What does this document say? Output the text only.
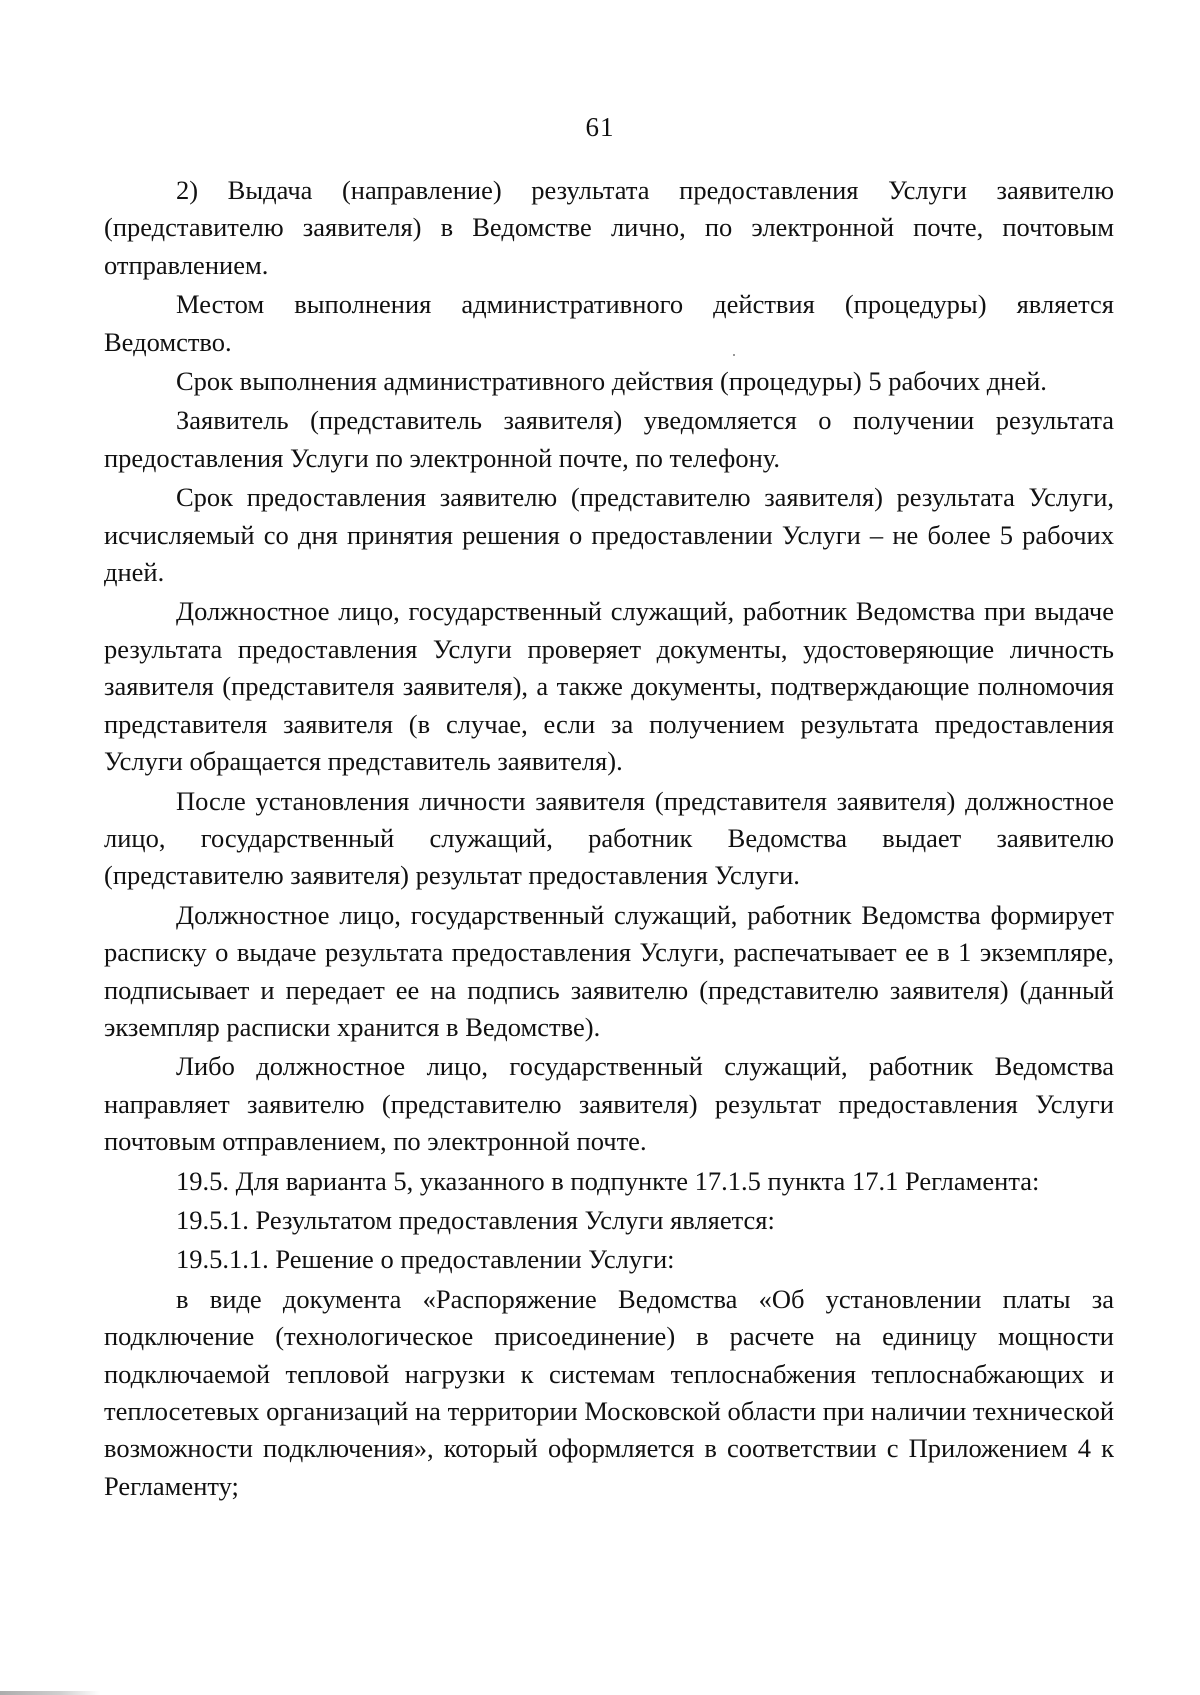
61

2) Выдача (направление) результата предоставления Услуги заявителю (представителю заявителя) в Ведомстве лично, по электронной почте, почтовым отправлением.

Местом выполнения административного действия (процедуры) является Ведомство.

Срок выполнения административного действия (процедуры) 5 рабочих дней.

Заявитель (представитель заявителя) уведомляется о получении результата предоставления Услуги по электронной почте, по телефону.

Срок предоставления заявителю (представителю заявителя) результата Услуги, исчисляемый со дня принятия решения о предоставлении Услуги – не более 5 рабочих дней.

Должностное лицо, государственный служащий, работник Ведомства при выдаче результата предоставления Услуги проверяет документы, удостоверяющие личность заявителя (представителя заявителя), а также документы, подтверждающие полномочия представителя заявителя (в случае, если за получением результата предоставления Услуги обращается представитель заявителя).

После установления личности заявителя (представителя заявителя) должностное лицо, государственный служащий, работник Ведомства выдает заявителю (представителю заявителя) результат предоставления Услуги.

Должностное лицо, государственный служащий, работник Ведомства формирует расписку о выдаче результата предоставления Услуги, распечатывает ее в 1 экземпляре, подписывает и передает ее на подпись заявителю (представителю заявителя) (данный экземпляр расписки хранится в Ведомстве).

Либо должностное лицо, государственный служащий, работник Ведомства направляет заявителю (представителю заявителя) результат предоставления Услуги почтовым отправлением, по электронной почте.

19.5. Для варианта 5, указанного в подпункте 17.1.5 пункта 17.1 Регламента:

19.5.1. Результатом предоставления Услуги является:

19.5.1.1. Решение о предоставлении Услуги:

в виде документа «Распоряжение Ведомства «Об установлении платы за подключение (технологическое присоединение) в расчете на единицу мощности подключаемой тепловой нагрузки к системам теплоснабжения теплоснабжающих и теплосетевых организаций на территории Московской области при наличии технической возможности подключения», который оформляется в соответствии с Приложением 4 к Регламенту;
